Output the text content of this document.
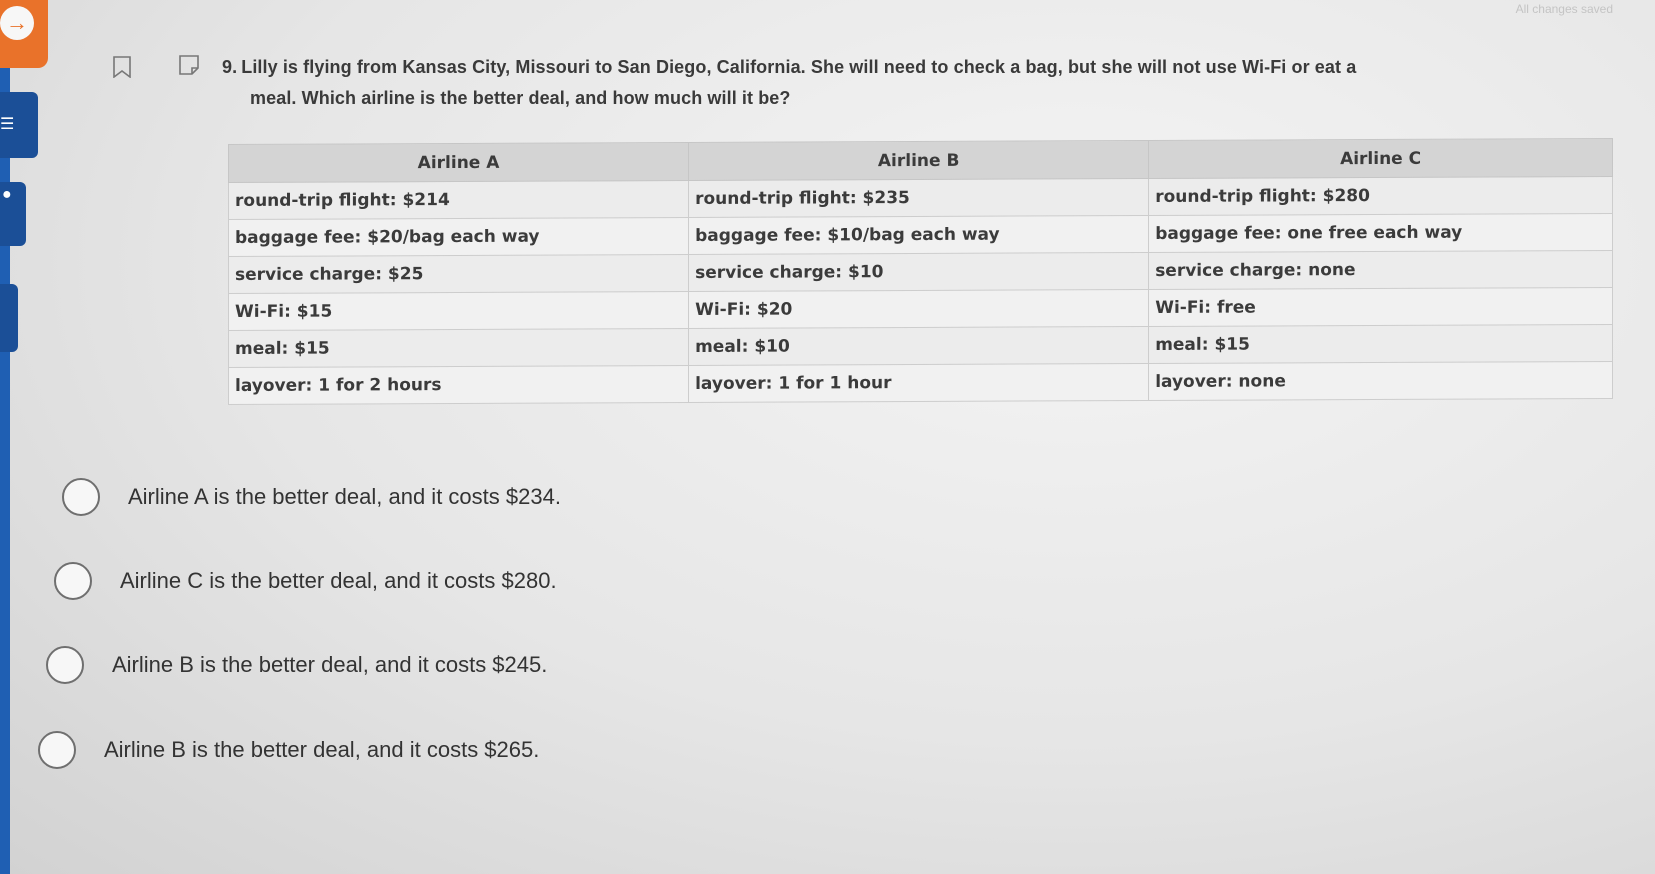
→
☰
●
All changes saved
9. Lilly is flying from Kansas City, Missouri to San Diego, California. She will need to check a bag, but she will not use Wi-Fi or eat a
meal. Which airline is the better deal, and how much will it be?
Airline A	Airline B	Airline C
round-trip flight: $214	round-trip flight: $235	round-trip flight: $280
baggage fee: $20/bag each way	baggage fee: $10/bag each way	baggage fee: one free each way
service charge: $25	service charge: $10	service charge: none
Wi-Fi: $15	Wi-Fi: $20	Wi-Fi: free
meal: $15	meal: $10	meal: $15
layover: 1 for 2 hours	layover: 1 for 1 hour	layover: none
Airline A is the better deal, and it costs $234.
Airline C is the better deal, and it costs $280.
Airline B is the better deal, and it costs $245.
Airline B is the better deal, and it costs $265.
